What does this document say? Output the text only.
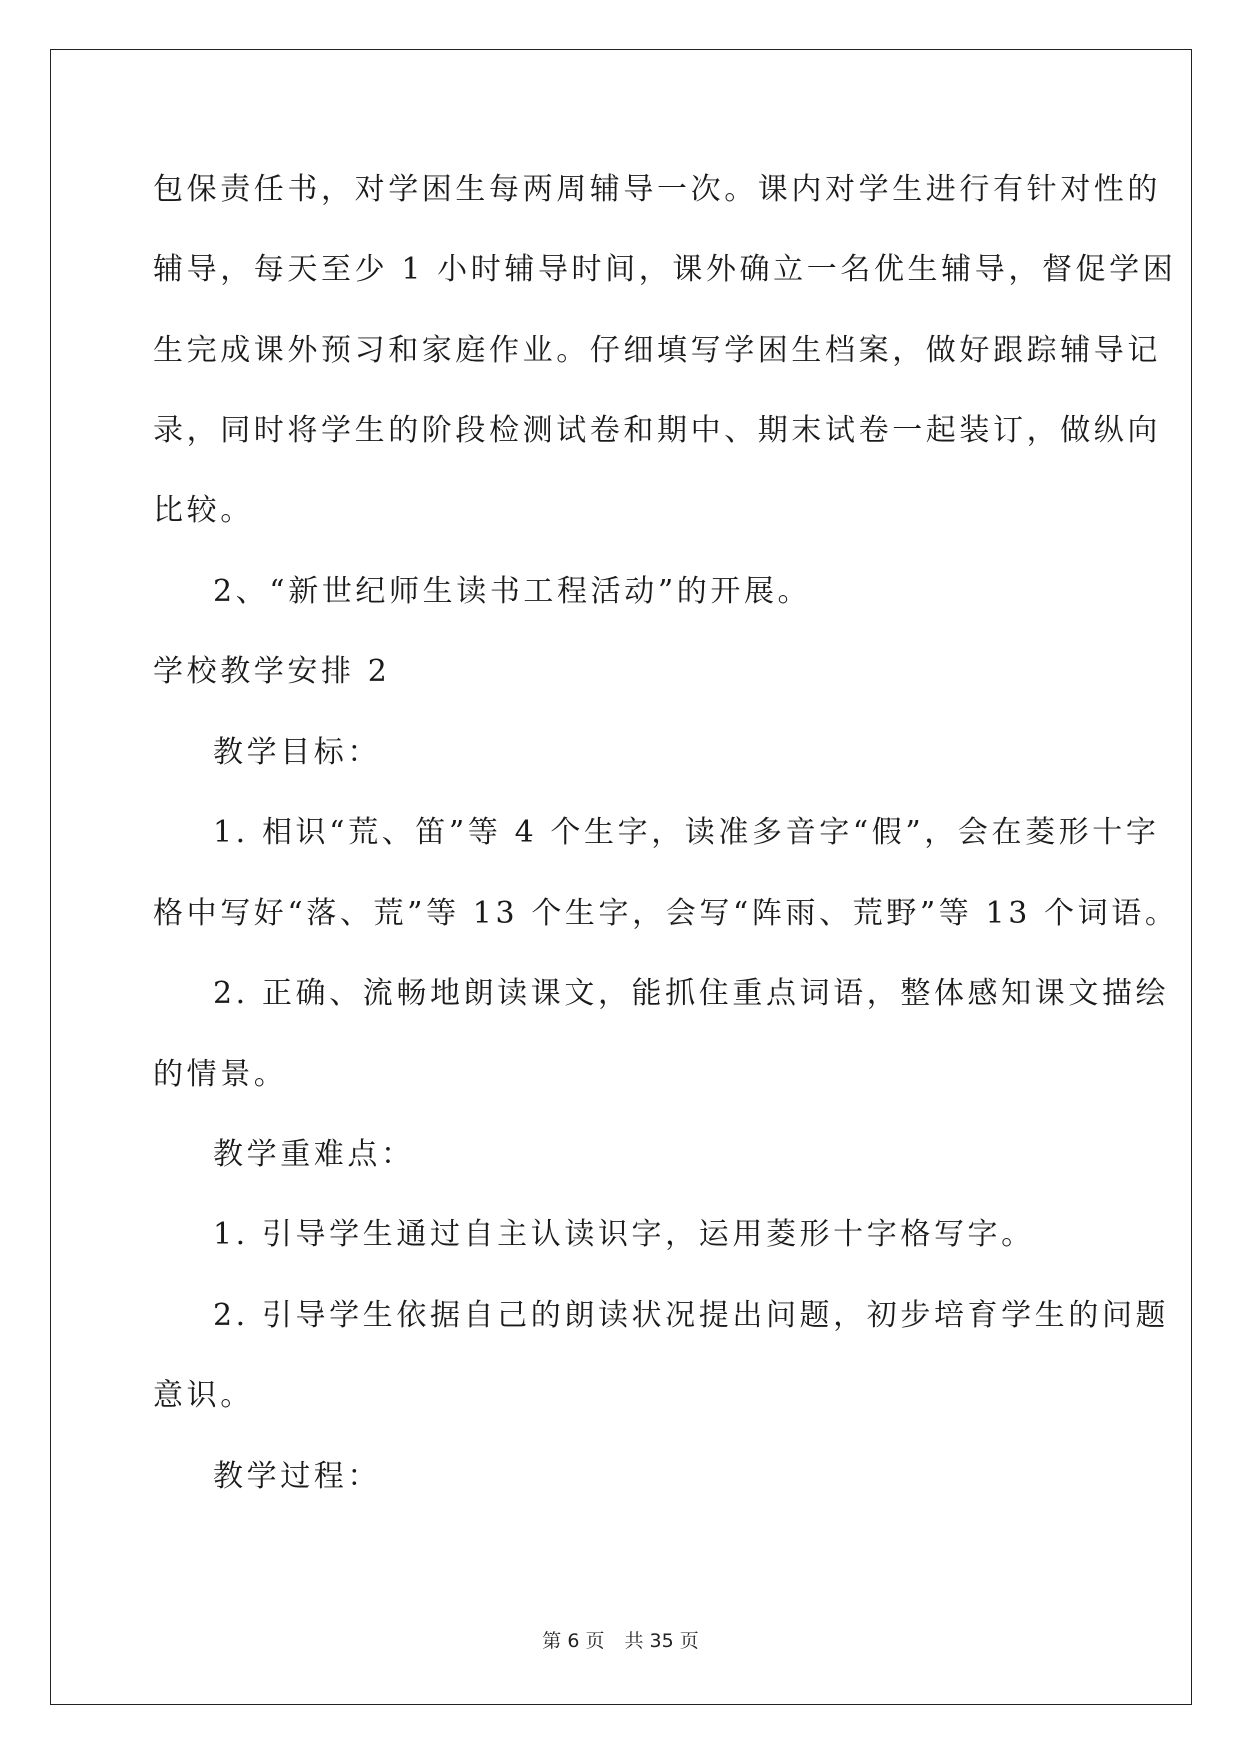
包保责任书，对学困生每两周辅导一次。课内对学生进行有针对性的
辅导，每天至少 1 小时辅导时间，课外确立一名优生辅导，督促学困
生完成课外预习和家庭作业。仔细填写学困生档案，做好跟踪辅导记
录，同时将学生的阶段检测试卷和期中、期末试卷一起装订，做纵向
比较。
2、“新世纪师生读书工程活动”的开展。
学校教学安排 2
教学目标：
1. 相识“荒、笛”等 4 个生字，读准多音字“假”，会在菱形十字
格中写好“落、荒”等 13 个生字，会写“阵雨、荒野”等 13 个词语。
2. 正确、流畅地朗读课文，能抓住重点词语，整体感知课文描绘
的情景。
教学重难点：
1. 引导学生通过自主认读识字，运用菱形十字格写字。
2. 引导学生依据自己的朗读状况提出问题，初步培育学生的问题
意识。
教学过程：
第 6 页 共 35 页
